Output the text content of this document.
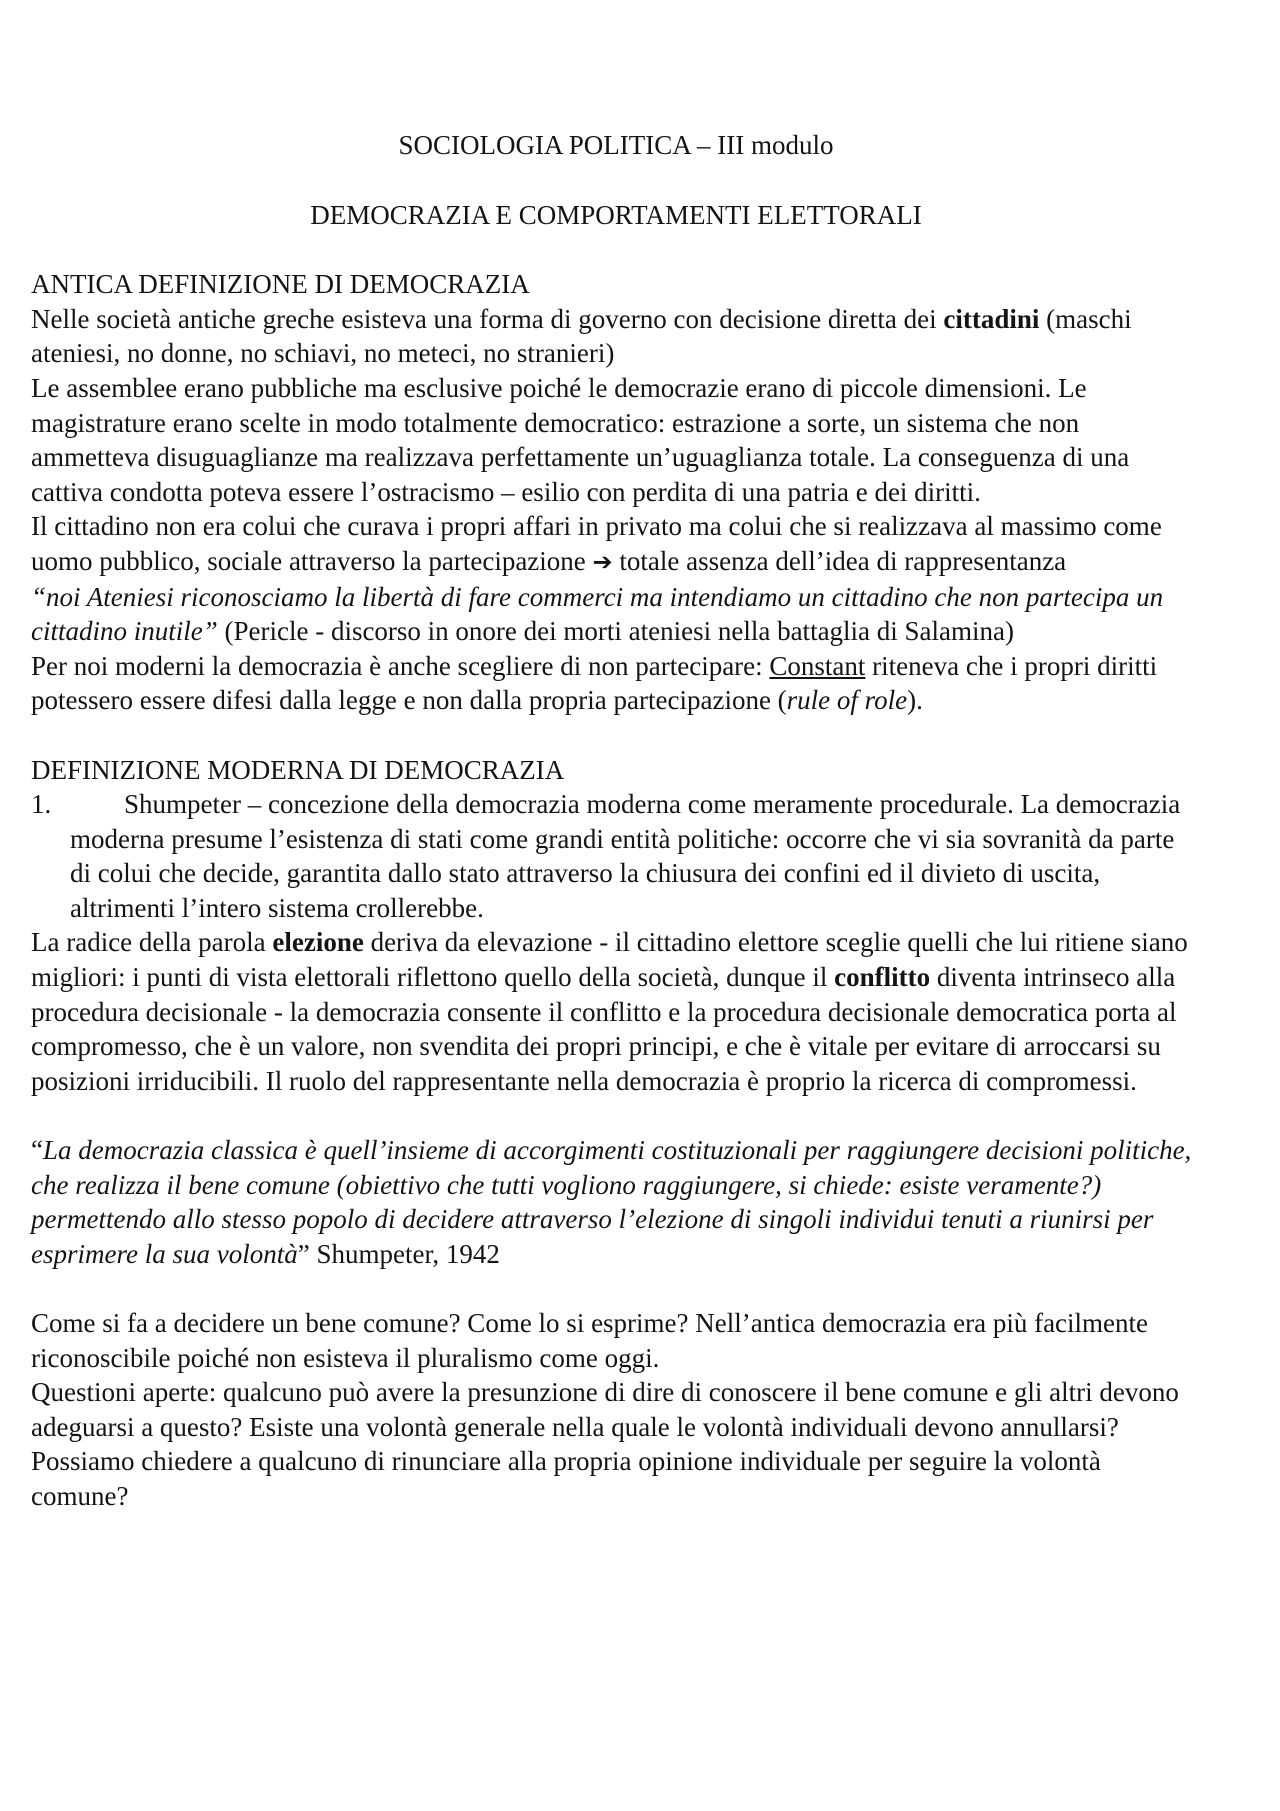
SOCIOLOGIA POLITICA – III modulo

DEMOCRAZIA E COMPORTAMENTI ELETTORALI

ANTICA DEFINIZIONE DI DEMOCRAZIA

Nelle società antiche greche esisteva una forma di governo con decisione diretta dei cittadini (maschi ateniesi, no donne, no schiavi, no meteci, no stranieri)

Le assemblee erano pubbliche ma esclusive poiché le democrazie erano di piccole dimensioni. Le magistrature erano scelte in modo totalmente democratico: estrazione a sorte, un sistema che non ammetteva disuguaglianze ma realizzava perfettamente un’uguaglianza totale. La conseguenza di una cattiva condotta poteva essere l’ostracismo – esilio con perdita di una patria e dei diritti.

Il cittadino non era colui che curava i propri affari in privato ma colui che si realizzava al massimo come uomo pubblico, sociale attraverso la partecipazione ➔ totale assenza dell’idea di rappresentanza

“noi Ateniesi riconosciamo la libertà di fare commerci ma intendiamo un cittadino che non partecipa un cittadino inutile” (Pericle - discorso in onore dei morti ateniesi nella battaglia di Salamina)

Per noi moderni la democrazia è anche scegliere di non partecipare: Constant riteneva che i propri diritti potessero essere difesi dalla legge e non dalla propria partecipazione (rule of role).

DEFINIZIONE MODERNA DI DEMOCRAZIA

1.	Shumpeter – concezione della democrazia moderna come meramente procedurale. La democrazia moderna presume l’esistenza di stati come grandi entità politiche: occorre che vi sia sovranità da parte di colui che decide, garantita dallo stato attraverso la chiusura dei confini ed il divieto di uscita, altrimenti l’intero sistema crollerebbe.

La radice della parola elezione deriva da elevazione - il cittadino elettore sceglie quelli che lui ritiene siano migliori: i punti di vista elettorali riflettono quello della società, dunque il conflitto diventa intrinseco alla procedura decisionale - la democrazia consente il conflitto e la procedura decisionale democratica porta al compromesso, che è un valore, non svendita dei propri principi, e che è vitale per evitare di arroccarsi su posizioni irriducibili. Il ruolo del rappresentante nella democrazia è proprio la ricerca di compromessi.

“La democrazia classica è quell’insieme di accorgimenti costituzionali per raggiungere decisioni politiche, che realizza il bene comune (obiettivo che tutti vogliono raggiungere, si chiede: esiste veramente?) permettendo allo stesso popolo di decidere attraverso l’elezione di singoli individui tenuti a riunirsi per esprimere la sua volontà” Shumpeter, 1942

Come si fa a decidere un bene comune? Come lo si esprime? Nell’antica democrazia era più facilmente riconoscibile poiché non esisteva il pluralismo come oggi.

Questioni aperte: qualcuno può avere la presunzione di dire di conoscere il bene comune e gli altri devono adeguarsi a questo? Esiste una volontà generale nella quale le volontà individuali devono annullarsi? Possiamo chiedere a qualcuno di rinunciare alla propria opinione individuale per seguire la volontà comune?
